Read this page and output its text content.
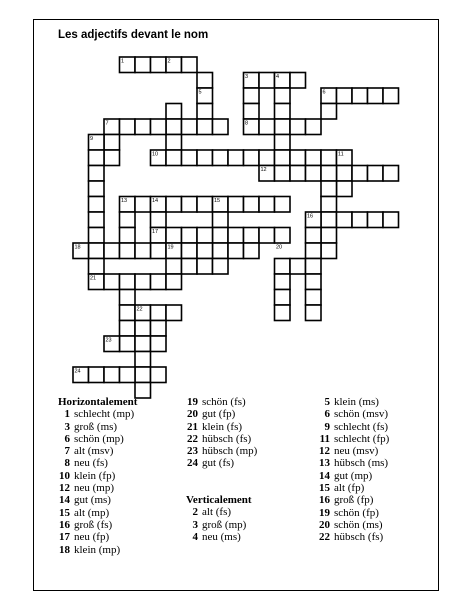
Les adjectifs devant le nom
1	2
3	4
5	6
7	8
9
10	11
12
13	14	15
16
17
18	19	20
21
22
23
24
Horizontalement
1 schlecht (mp)
3 groß (ms)
6 schön (mp)
7 alt (msv)
8 neu (fs)
10 klein (fp)
12 neu (mp)
14 gut (ms)
15 alt (mp)
16 groß (fs)
17 neu (fp)
18 klein (mp)
19 schön (fs)
20 gut (fp)
21 klein (fs)
22 hübsch (fs)
23 hübsch (mp)
24 gut (fs)
Verticalement
2 alt (fs)
3 groß (mp)
4 neu (ms)
5 klein (ms)
6 schön (msv)
9 schlecht (fs)
11 schlecht (fp)
12 neu (msv)
13 hübsch (ms)
14 gut (mp)
15 alt (fp)
16 groß (fp)
19 schön (fp)
20 schön (ms)
22 hübsch (fs)
